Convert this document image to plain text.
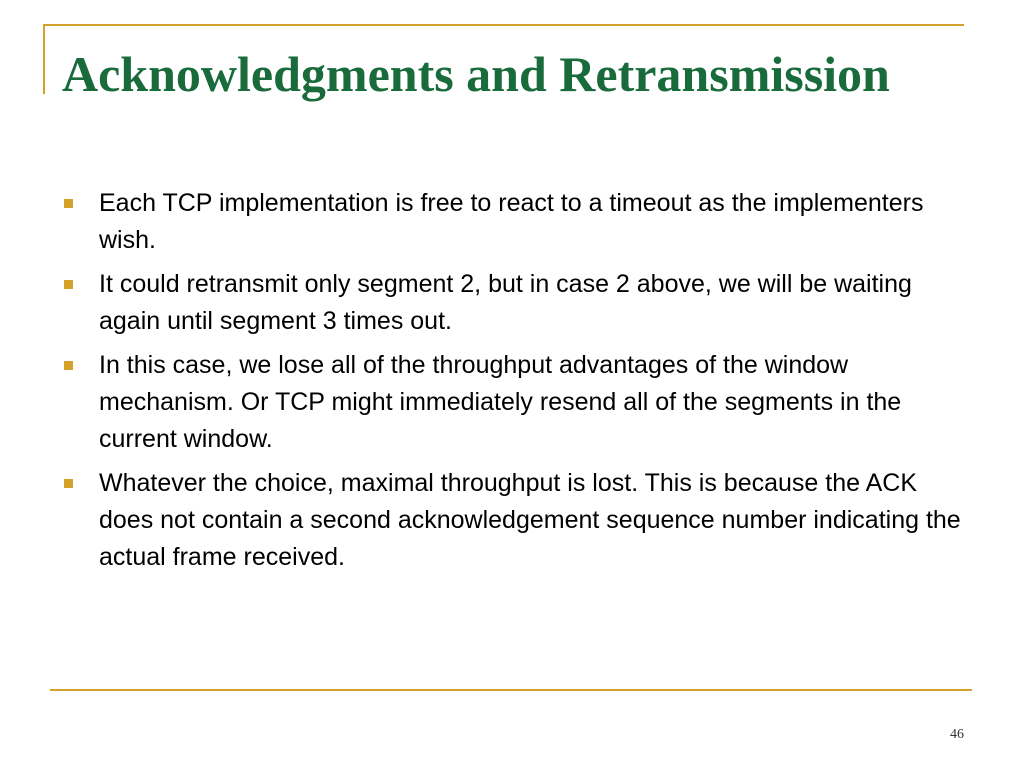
Acknowledgments and Retransmission
Each TCP implementation is free to react to a timeout as the implementers wish.
It could retransmit only segment 2, but in case 2 above, we will be waiting again until segment 3 times out.
In this case, we lose all of the throughput advantages of the window mechanism. Or TCP might immediately resend all of the segments in the current window.
Whatever the choice, maximal throughput is lost. This is because the ACK does not contain a second acknowledgement sequence number indicating the actual frame received.
46
